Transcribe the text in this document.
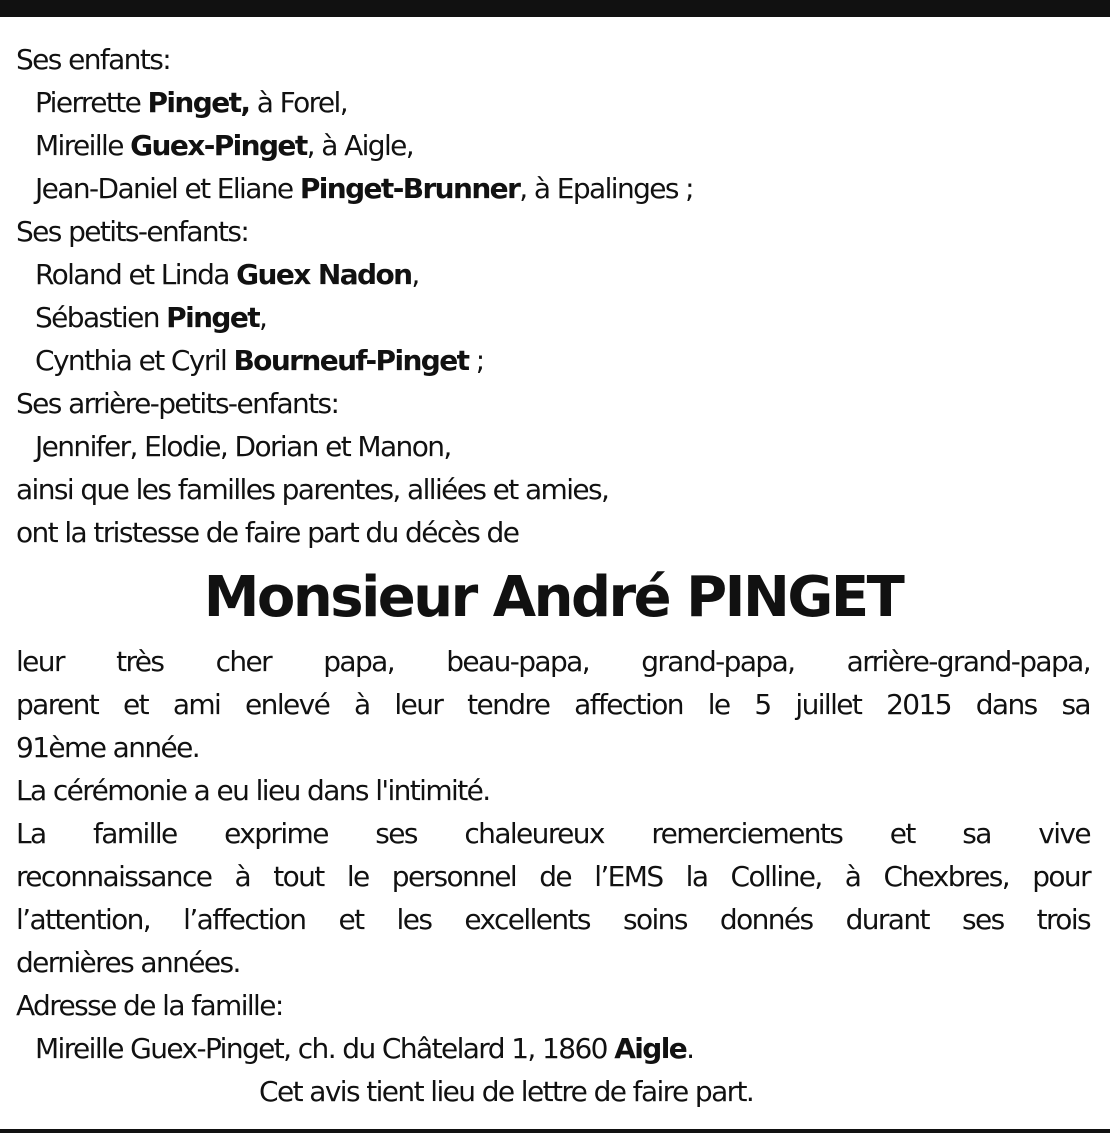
Ses enfants:
Pierrette Pinget, à Forel,
Mireille Guex-Pinget, à Aigle,
Jean-Daniel et Eliane Pinget-Brunner, à Epalinges ;
Ses petits-enfants:
Roland et Linda Guex Nadon,
Sébastien Pinget,
Cynthia et Cyril Bourneuf-Pinget ;
Ses arrière-petits-enfants:
Jennifer, Elodie, Dorian et Manon,
ainsi que les familles parentes, alliées et amies,
ont la tristesse de faire part du décès de
Monsieur André PINGET
leur très cher papa, beau-papa, grand-papa, arrière-grand-papa,
parent et ami enlevé à leur tendre affection le 5 juillet 2015 dans sa
91ème année.
La cérémonie a eu lieu dans l'intimité.
La famille exprime ses chaleureux remerciements et sa vive
reconnaissance à tout le personnel de l’EMS la Colline, à Chexbres, pour
l’attention, l’affection et les excellents soins donnés durant ses trois
dernières années.
Adresse de la famille:
Mireille Guex-Pinget, ch. du Châtelard 1, 1860 Aigle.
Cet avis tient lieu de lettre de faire part.
